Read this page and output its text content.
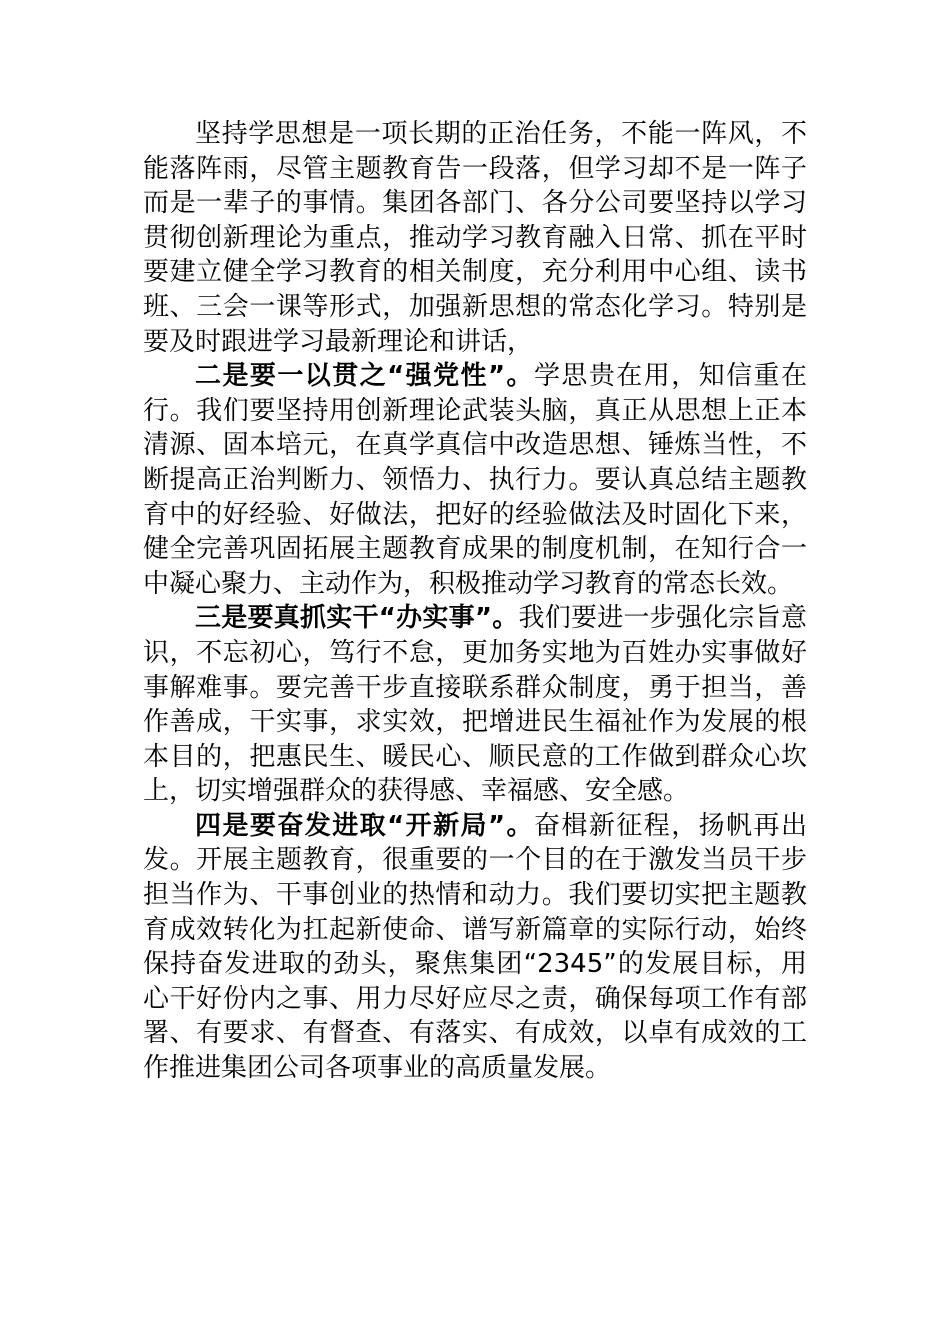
坚持学思想是一项长期的正治任务，不能一阵风，不能落阵雨，尽管主题教育告一段落，但学习却不是一阵子而是一辈子的事情。集团各部门、各分公司要坚持以学习贯彻创新理论为重点，推动学习教育融入日常、抓在平时要建立健全学习教育的相关制度，充分利用中心组、读书班、三会一课等形式，加强新思想的常态化学习。特别是要及时跟进学习最新理论和讲话，

二是要一以贯之“强党性”。学思贵在用，知信重在行。我们要坚持用创新理论武装头脑，真正从思想上正本清源、固本培元，在真学真信中改造思想、锤炼当性，不断提高正治判断力、领悟力、执行力。要认真总结主题教育中的好经验、好做法，把好的经验做法及时固化下来，健全完善巩固拓展主题教育成果的制度机制，在知行合一中凝心聚力、主动作为，积极推动学习教育的常态长效。

三是要真抓实干“办实事”。我们要进一步强化宗旨意识，不忘初心，笃行不怠，更加务实地为百姓办实事做好事解难事。要完善干步直接联系群众制度，勇于担当，善作善成，干实事，求实效，把增进民生福祉作为发展的根本目的，把惠民生、暖民心、顺民意的工作做到群众心坎上，切实增强群众的获得感、幸福感、安全感。

四是要奋发进取“开新局”。奋楫新征程，扬帆再出发。开展主题教育，很重要的一个目的在于激发当员干步担当作为、干事创业的热情和动力。我们要切实把主题教育成效转化为扛起新使命、谱写新篇章的实际行动，始终保持奋发进取的劲头，聚焦集团“2345”的发展目标，用心干好份内之事、用力尽好应尽之责，确保每项工作有部署、有要求、有督查、有落实、有成效，以卓有成效的工作推进集团公司各项事业的高质量发展。
